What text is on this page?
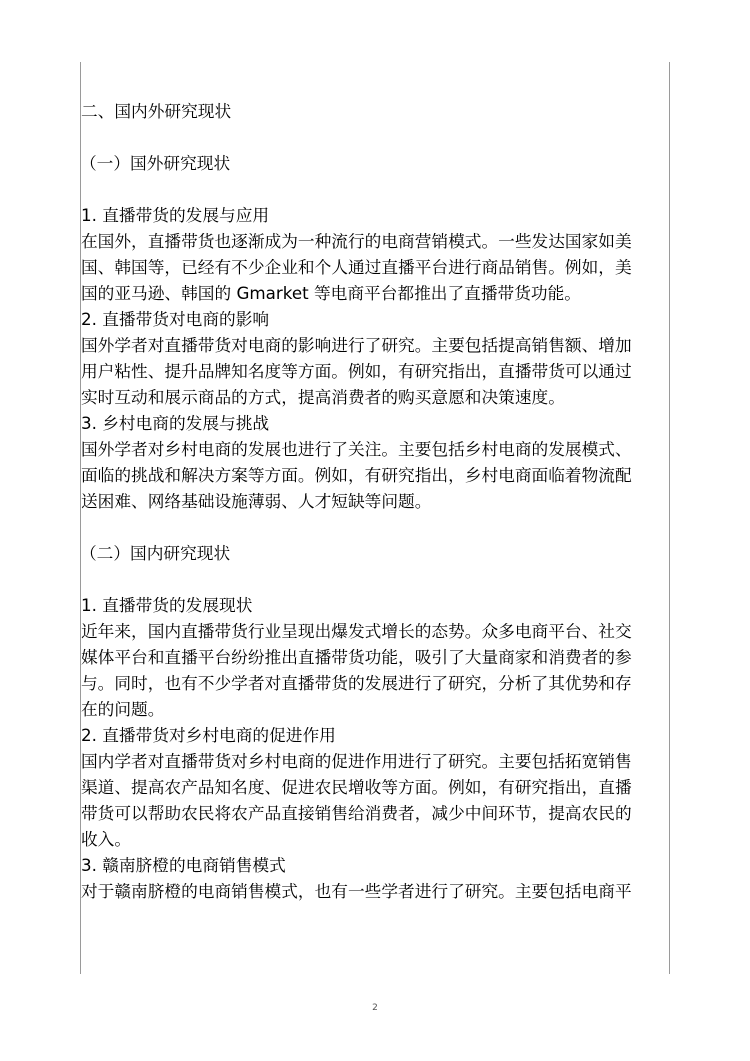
二、国内外研究现状
（一）国外研究现状
1. 直播带货的发展与应用
在国外，直播带货也逐渐成为一种流行的电商营销模式。一些发达国家如美
国、韩国等，已经有不少企业和个人通过直播平台进行商品销售。例如，美
国的亚马逊、韩国的 Gmarket 等电商平台都推出了直播带货功能。
2. 直播带货对电商的影响
国外学者对直播带货对电商的影响进行了研究。主要包括提高销售额、增加
用户粘性、提升品牌知名度等方面。例如，有研究指出，直播带货可以通过
实时互动和展示商品的方式，提高消费者的购买意愿和决策速度。
3. 乡村电商的发展与挑战
国外学者对乡村电商的发展也进行了关注。主要包括乡村电商的发展模式、
面临的挑战和解决方案等方面。例如，有研究指出，乡村电商面临着物流配
送困难、网络基础设施薄弱、人才短缺等问题。
（二）国内研究现状
1. 直播带货的发展现状
近年来，国内直播带货行业呈现出爆发式增长的态势。众多电商平台、社交
媒体平台和直播平台纷纷推出直播带货功能，吸引了大量商家和消费者的参
与。同时，也有不少学者对直播带货的发展进行了研究，分析了其优势和存
在的问题。
2. 直播带货对乡村电商的促进作用
国内学者对直播带货对乡村电商的促进作用进行了研究。主要包括拓宽销售
渠道、提高农产品知名度、促进农民增收等方面。例如，有研究指出，直播
带货可以帮助农民将农产品直接销售给消费者，减少中间环节，提高农民的
收入。
3. 赣南脐橙的电商销售模式
对于赣南脐橙的电商销售模式，也有一些学者进行了研究。主要包括电商平
2
